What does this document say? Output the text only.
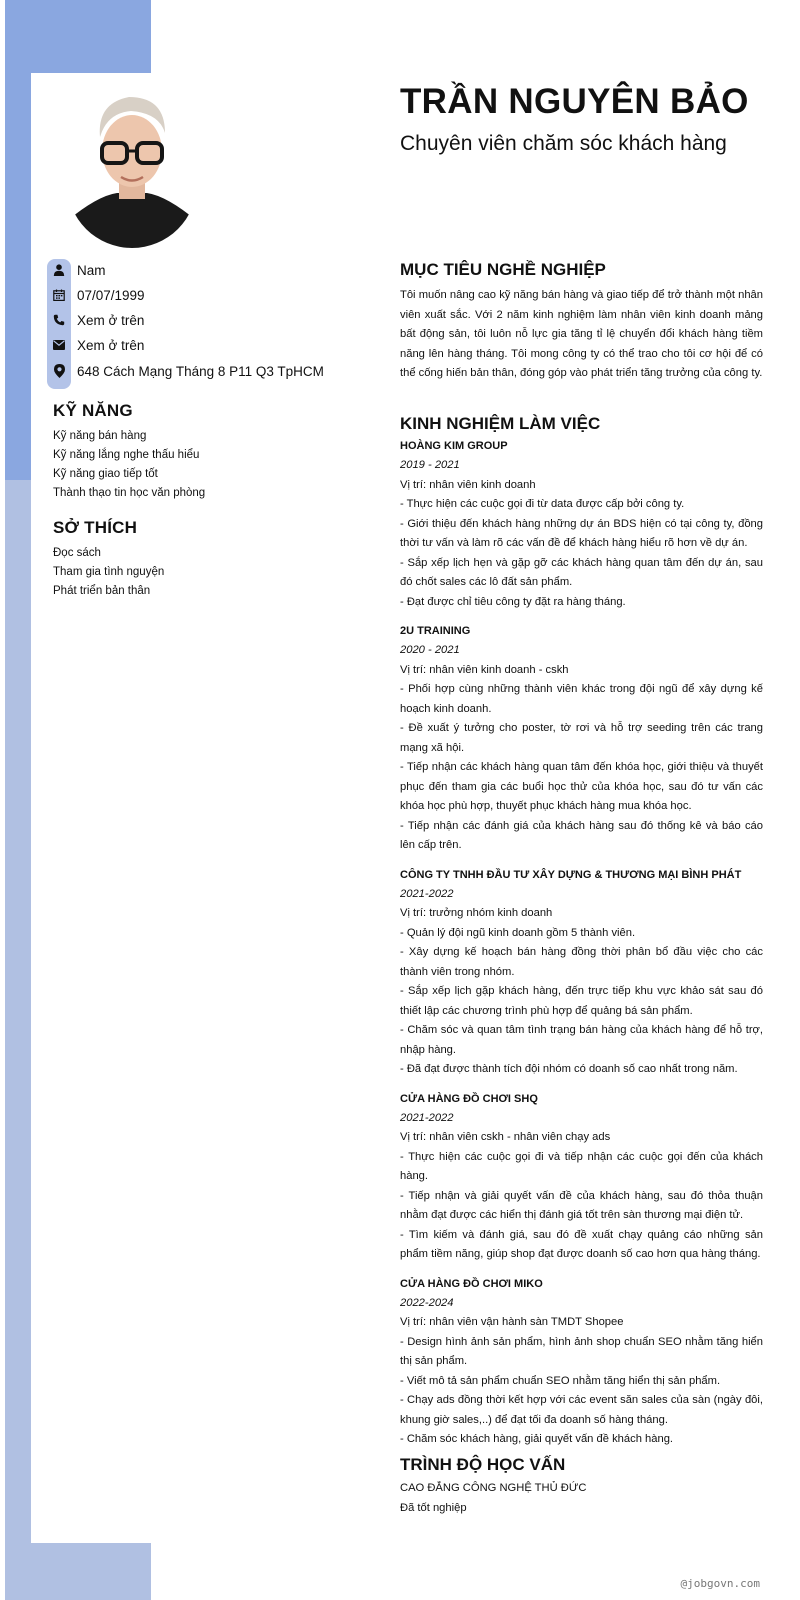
Nam
07/07/1999
Xem ở trên
Xem ở trên
648 Cách Mạng Tháng 8 P11 Q3 TpHCM
KỸ NĂNG
Kỹ năng bán hàng
Kỹ năng lắng nghe thấu hiểu
Kỹ năng giao tiếp tốt
Thành thạo tin học văn phòng
SỞ THÍCH
Đọc sách
Tham gia tình nguyện
Phát triển bản thân
TRẦN NGUYÊN BẢO
Chuyên viên chăm sóc khách hàng
MỤC TIÊU NGHỀ NGHIỆP

Tôi muốn nâng cao kỹ năng bán hàng và giao tiếp để trở thành một nhân viên xuất sắc. Với 2 năm kinh nghiệm làm nhân viên kinh doanh mảng bất động sản, tôi luôn nỗ lực gia tăng tỉ lệ chuyển đổi khách hàng tiềm năng lên hàng tháng. Tôi mong công ty có thể trao cho tôi cơ hội để có thể cống hiến bản thân, đóng góp vào phát triển tăng trưởng của công ty.

KINH NGHIỆM LÀM VIỆC

HOÀNG KIM GROUP

2019 - 2021

Vị trí: nhân viên kinh doanh

- Thực hiện các cuộc gọi đi từ data được cấp bởi công ty.

- Giới thiệu đến khách hàng những dự án BDS hiện có tại công ty, đồng thời tư vấn và làm rõ các vấn đề để khách hàng hiểu rõ hơn về dự án.

- Sắp xếp lịch hẹn và gặp gỡ các khách hàng quan tâm đến dự án, sau đó chốt sales các lô đất sản phẩm.

- Đạt được chỉ tiêu công ty đặt ra hàng tháng.

2U TRAINING

2020 - 2021

Vị trí: nhân viên kinh doanh - cskh

- Phối hợp cùng những thành viên khác trong đội ngũ để xây dựng kế hoạch kinh doanh.

- Đề xuất ý tưởng cho poster, tờ rơi và hỗ trợ seeding trên các trang mạng xã hội.

- Tiếp nhận các khách hàng quan tâm đến khóa học, giới thiệu và thuyết phục đến tham gia các buổi học thử của khóa học, sau đó tư vấn các khóa học phù hợp, thuyết phục khách hàng mua khóa học.

- Tiếp nhận các đánh giá của khách hàng sau đó thống kê và báo cáo lên cấp trên.

CÔNG TY TNHH ĐẦU TƯ XÂY DỰNG & THƯƠNG MẠI BÌNH PHÁT

2021-2022

Vị trí: trưởng nhóm kinh doanh

- Quản lý đội ngũ kinh doanh gồm 5 thành viên.

- Xây dựng kế hoạch bán hàng đồng thời phân bổ đầu việc cho các thành viên trong nhóm.

- Sắp xếp lịch gặp khách hàng, đến trực tiếp khu vực khảo sát sau đó thiết lập các chương trình phù hợp để quảng bá sản phẩm.

- Chăm sóc và quan tâm tình trạng bán hàng của khách hàng để hỗ trợ, nhập hàng.

- Đã đạt được thành tích đội nhóm có doanh số cao nhất trong năm.

CỬA HÀNG ĐỒ CHƠI SHQ

2021-2022

Vị trí: nhân viên cskh - nhân viên chạy ads

- Thực hiện các cuộc gọi đi và tiếp nhận các cuộc gọi đến của khách hàng.

- Tiếp nhận và giải quyết vấn đề của khách hàng, sau đó thỏa thuận nhằm đạt được các hiển thị đánh giá tốt trên sàn thương mại điện tử.

- Tìm kiếm và đánh giá, sau đó đề xuất chạy quảng cáo những sản phẩm tiềm năng, giúp shop đạt được doanh số cao hơn qua hàng tháng.

CỬA HÀNG ĐỒ CHƠI MIKO

2022-2024

Vị trí: nhân viên vận hành sàn TMDT Shopee

- Design hình ảnh sản phẩm, hình ảnh shop chuẩn SEO nhằm tăng hiển thị sản phẩm.

- Viết mô tả sản phẩm chuẩn SEO nhằm tăng hiển thị sản phẩm.

- Chạy ads đồng thời kết hợp với các event săn sales của sàn (ngày đôi, khung giờ sales,..) để đạt tối đa doanh số hàng tháng.

- Chăm sóc khách hàng, giải quyết vấn đề khách hàng.

TRÌNH ĐỘ HỌC VẤN

CAO ĐẲNG CÔNG NGHỆ THỦ ĐỨC

Đã tốt nghiệp

@jobgovn.com
